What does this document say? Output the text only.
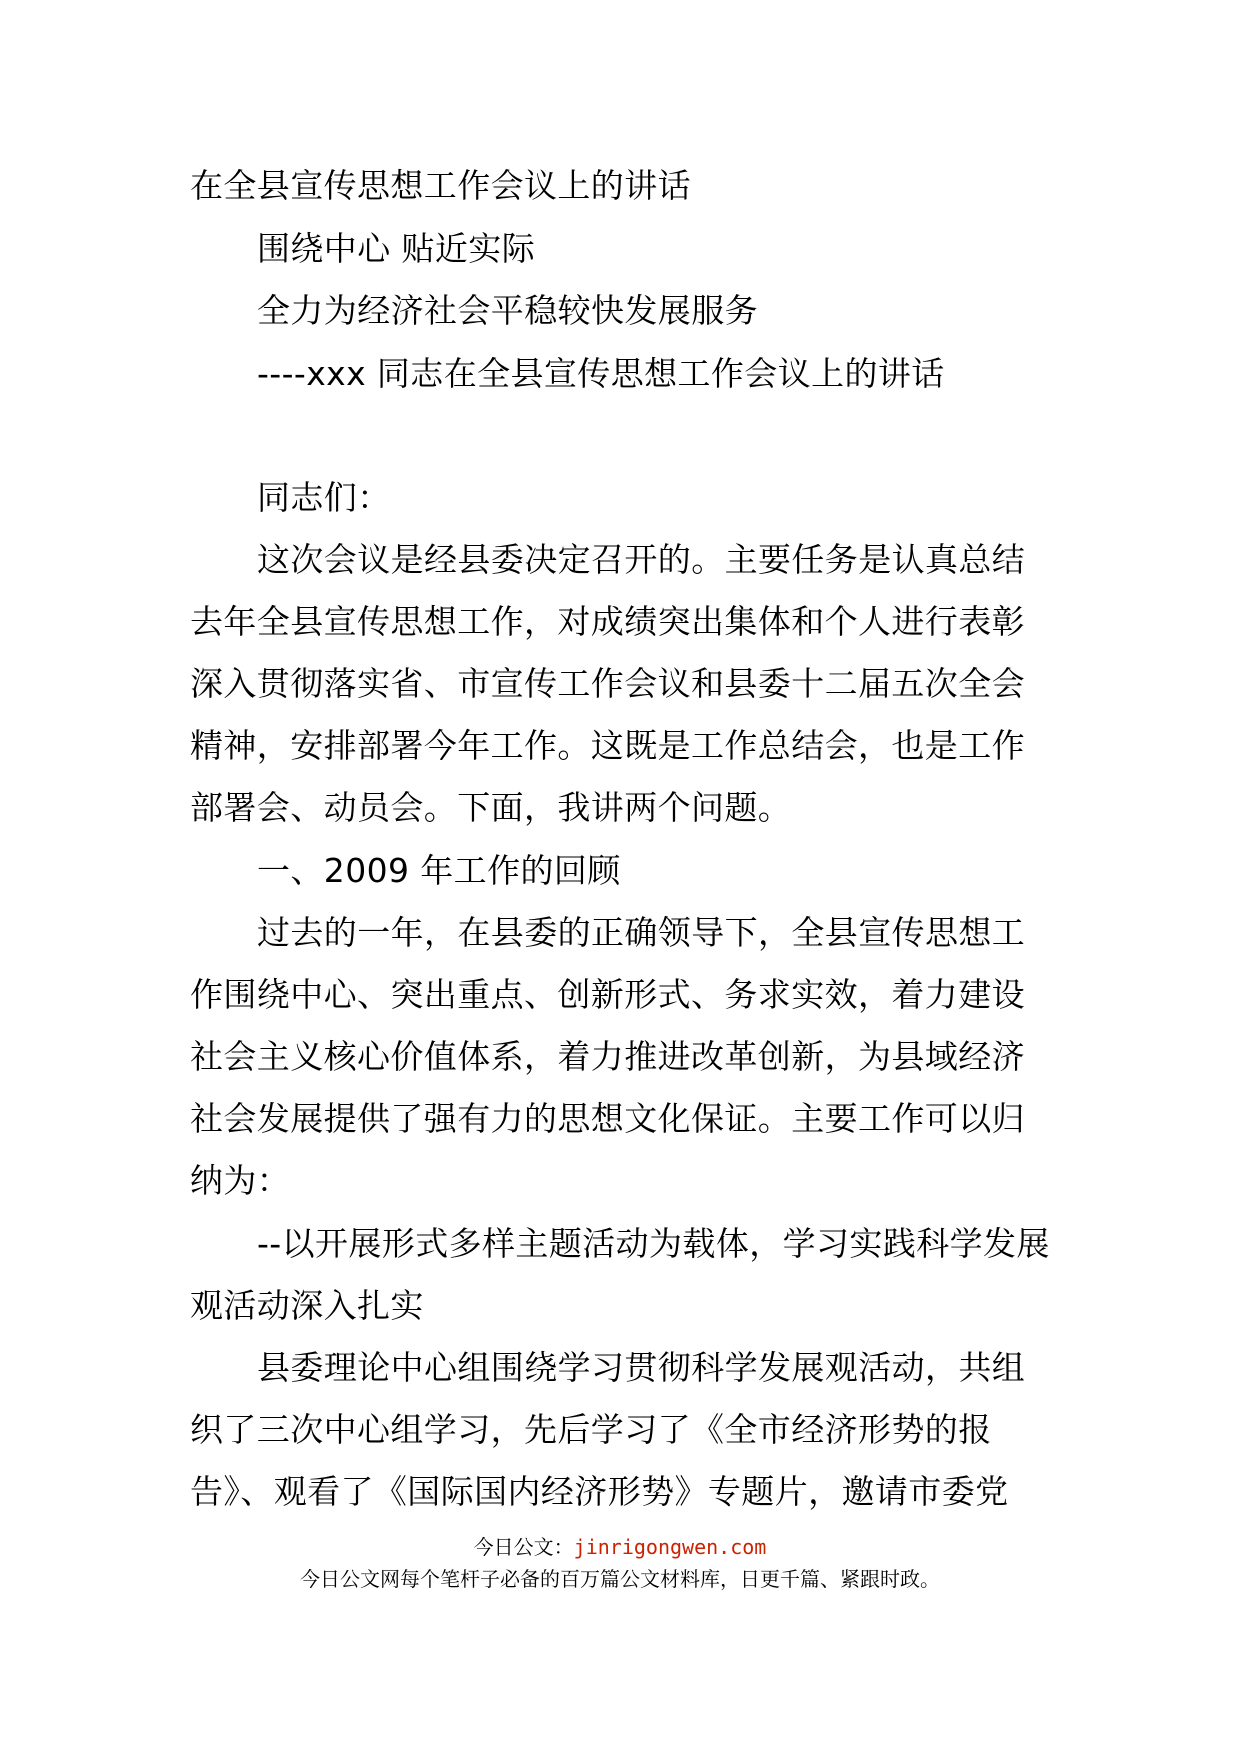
在全县宣传思想工作会议上的讲话
围绕中心 贴近实际
全力为经济社会平稳较快发展服务
----xxx 同志在全县宣传思想工作会议上的讲话
同志们：
这次会议是经县委决定召开的。主要任务是认真总结
去年全县宣传思想工作，对成绩突出集体和个人进行表彰
深入贯彻落实省、市宣传工作会议和县委十二届五次全会
精神，安排部署今年工作。这既是工作总结会，也是工作
部署会、动员会。下面，我讲两个问题。
一、2009 年工作的回顾
过去的一年，在县委的正确领导下，全县宣传思想工
作围绕中心、突出重点、创新形式、务求实效，着力建设
社会主义核心价值体系，着力推进改革创新，为县域经济
社会发展提供了强有力的思想文化保证。主要工作可以归
纳为：
--以开展形式多样主题活动为载体，学习实践科学发展
观活动深入扎实
县委理论中心组围绕学习贯彻科学发展观活动，共组
织了三次中心组学习，先后学习了《全市经济形势的报
告》、观看了《国际国内经济形势》专题片，邀请市委党
今日公文：jinrigongwen.com
今日公文网每个笔杆子必备的百万篇公文材料库，日更千篇、紧跟时政。
